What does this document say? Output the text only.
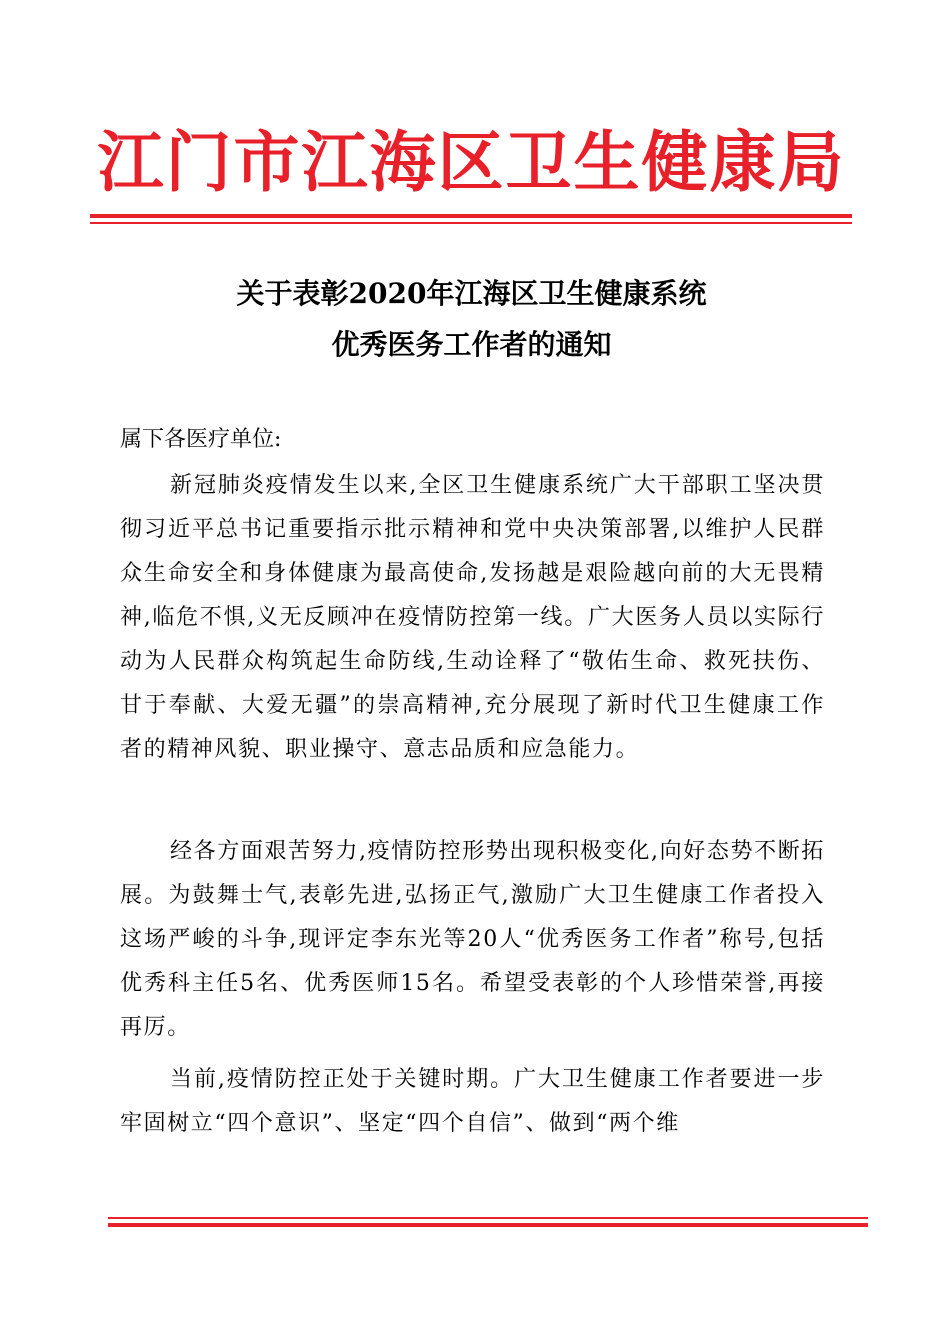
江门市江海区卫生健康局
关于表彰2020年江海区卫生健康系统
优秀医务工作者的通知
属下各医疗单位:

新冠肺炎疫情发生以来,全区卫生健康系统广大干部职工坚决贯彻习近平总书记重要指示批示精神和党中央决策部署,以维护人民群众生命安全和身体健康为最高使命,发扬越是艰险越向前的大无畏精神,临危不惧,义无反顾冲在疫情防控第一线。广大医务人员以实际行动为人民群众构筑起生命防线,生动诠释了“敬佑生命、救死扶伤、甘于奉献、大爱无疆”的崇高精神,充分展现了新时代卫生健康工作者的精神风貌、职业操守、意志品质和应急能力。

经各方面艰苦努力,疫情防控形势出现积极变化,向好态势不断拓展。为鼓舞士气,表彰先进,弘扬正气,激励广大卫生健康工作者投入这场严峻的斗争,现评定李东光等20人“优秀医务工作者”称号,包括优秀科主任5名、优秀医师15名。希望受表彰的个人珍惜荣誉,再接再厉。

当前,疫情防控正处于关键时期。广大卫生健康工作者要进一步牢固树立“四个意识”、坚定“四个自信”、做到“两个维
